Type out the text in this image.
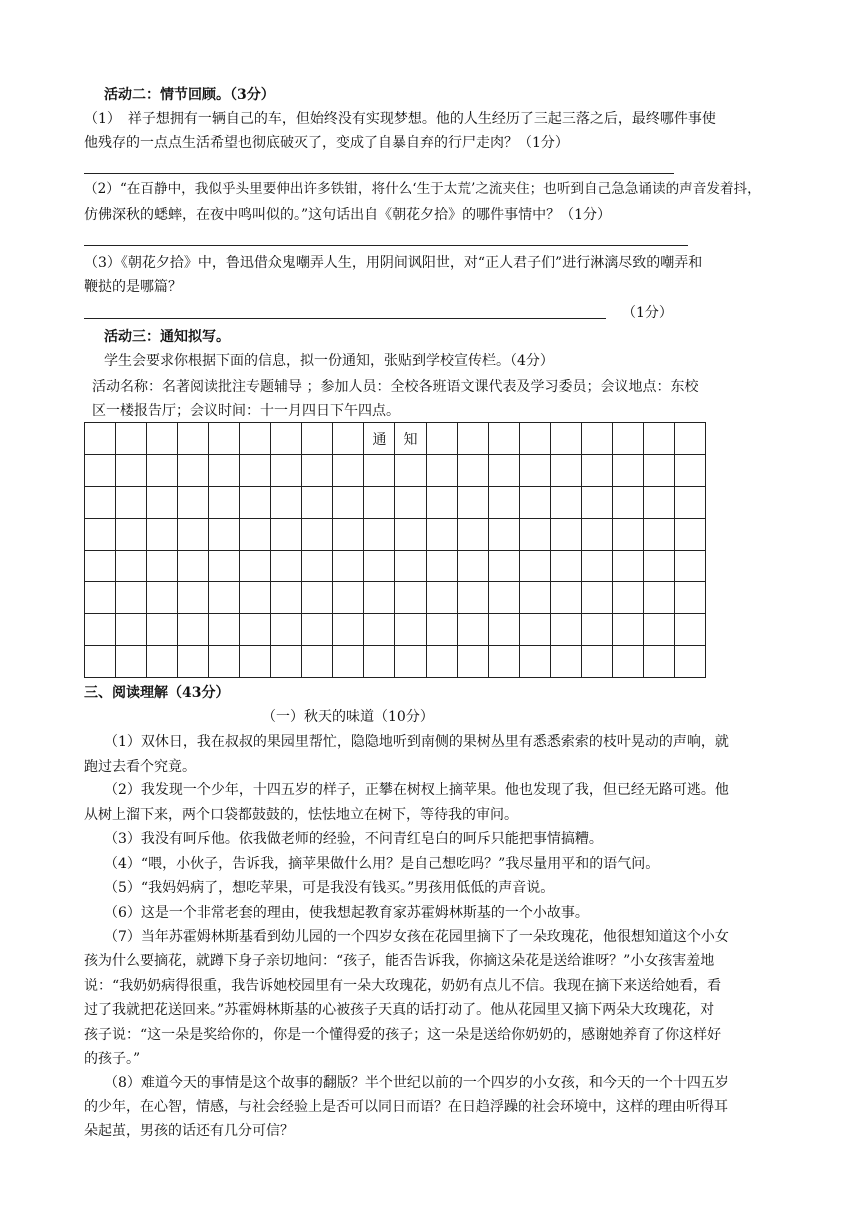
活动二：情节回顾。（3分）
（1）　祥子想拥有一辆自己的车，但始终没有实现梦想。他的人生经历了三起三落之后，最终哪件事使
他残存的一点点生活希望也彻底破灭了，变成了自暴自弃的行尸走肉？（1分）
（2）“在百静中，我似乎头里要伸出许多铁钳，将什么‘生于太荒’之流夹住；也听到自己急急诵读的声音发着抖，
仿佛深秋的蟋蟀，在夜中鸣叫似的。”这句话出自《朝花夕拾》的哪件事情中？（1分）
（3）《朝花夕拾》中，鲁迅借众鬼嘲弄人生，用阴间讽阳世，对“正人君子们”进行淋漓尽致的嘲弄和
鞭挞的是哪篇？
（1分）
活动三：通知拟写。
学生会要求你根据下面的信息，拟一份通知，张贴到学校宣传栏。（4分）
活动名称：名著阅读批注专题辅导 ；参加人员：全校各班语文课代表及学习委员；会议地点：东校
区一楼报告厅；会议时间：十一月四日下午四点。
通	知
三、阅读理解（43分）
（一）秋天的味道（10分）
（1）双休日，我在叔叔的果园里帮忙，隐隐地听到南侧的果树丛里有悉悉索索的枝叶晃动的声响，就
跑过去看个究竟。
（2）我发现一个少年，十四五岁的样子，正攀在树杈上摘苹果。他也发现了我，但已经无路可逃。他
从树上溜下来，两个口袋都鼓鼓的，怯怯地立在树下，等待我的审问。
（3）我没有呵斥他。依我做老师的经验，不问青红皂白的呵斥只能把事情搞糟。
（4）“喂，小伙子，告诉我，摘苹果做什么用？是自己想吃吗？”我尽量用平和的语气问。
（5）“我妈妈病了，想吃苹果，可是我没有钱买。”男孩用低低的声音说。
（6）这是一个非常老套的理由，使我想起教育家苏霍姆林斯基的一个小故事。
（7）当年苏霍姆林斯基看到幼儿园的一个四岁女孩在花园里摘下了一朵玫瑰花，他很想知道这个小女
孩为什么要摘花，就蹲下身子亲切地问：“孩子，能否告诉我，你摘这朵花是送给谁呀？”小女孩害羞地
说：“我奶奶病得很重，我告诉她校园里有一朵大玫瑰花，奶奶有点儿不信。我现在摘下来送给她看，看
过了我就把花送回来。”苏霍姆林斯基的心被孩子天真的话打动了。他从花园里又摘下两朵大玫瑰花，对
孩子说：“这一朵是奖给你的，你是一个懂得爱的孩子；这一朵是送给你奶奶的，感谢她养育了你这样好
的孩子。”
（8）难道今天的事情是这个故事的翻版？半个世纪以前的一个四岁的小女孩，和今天的一个十四五岁
的少年，在心智，情感，与社会经验上是否可以同日而语？在日趋浮躁的社会环境中，这样的理由听得耳
朵起茧，男孩的话还有几分可信？
